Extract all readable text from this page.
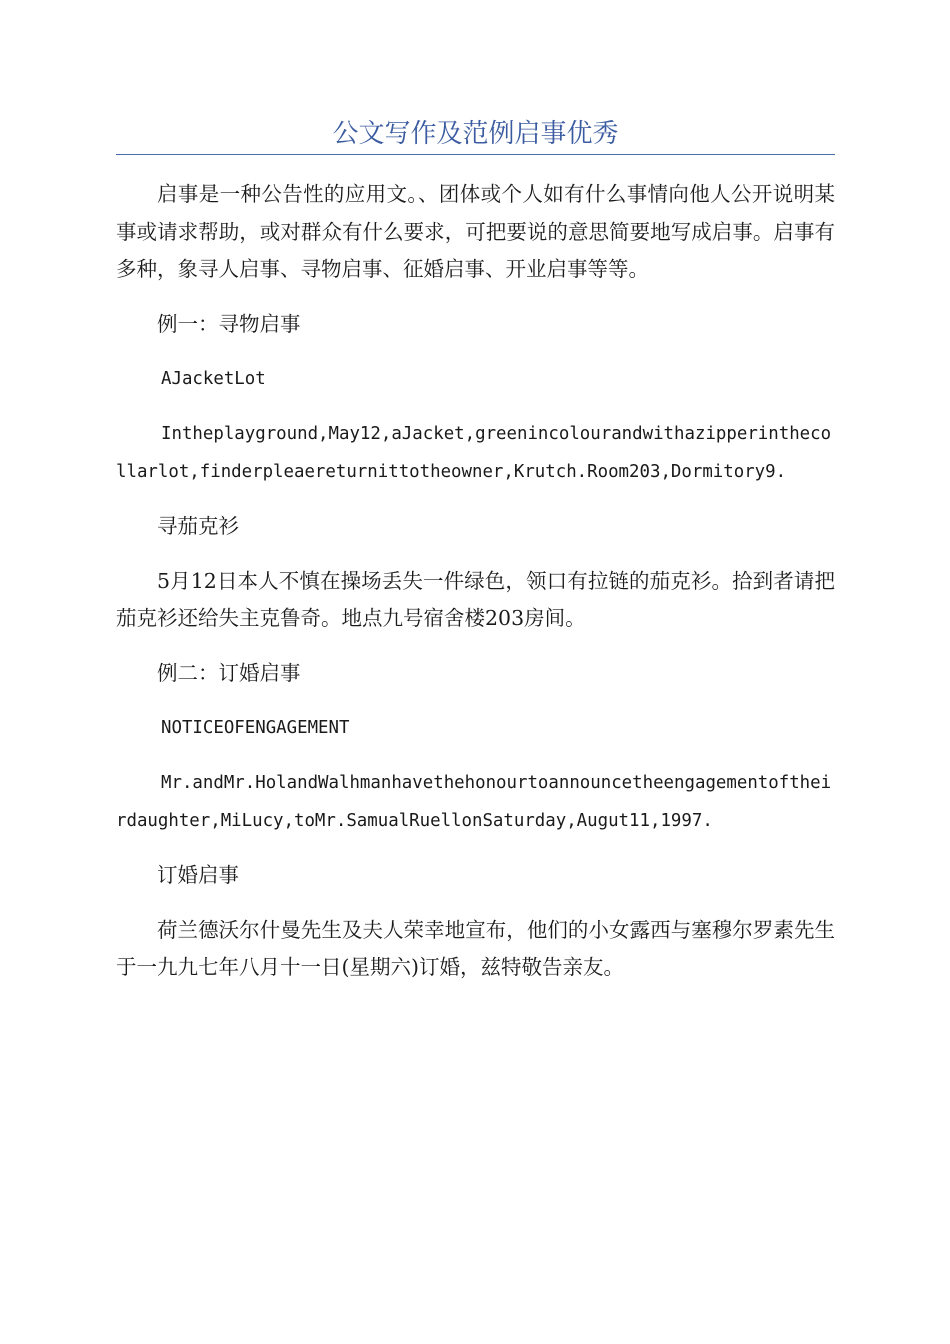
公文写作及范例启事优秀

启事是一种公告性的应用文。、团体或个人如有什么事情向他人公开说明某事或请求帮助，或对群众有什么要求，可把要说的意思简要地写成启事。启事有多种，象寻人启事、寻物启事、征婚启事、开业启事等等。

例一：寻物启事

AJacketLot

Intheplayground,May12,aJacket,greenincolourandwithazipperinthecollarlot,finderpleaereturnittotheowner,Krutch.Room203,Dormitory9.

寻茄克衫

5月12日本人不慎在操场丢失一件绿色，领口有拉链的茄克衫。拾到者请把茄克衫还给失主克鲁奇。地点九号宿舍楼203房间。

例二：订婚启事

NOTICEOFENGAGEMENT

Mr.andMr.HolandWalhmanhavethehonourtoannouncetheengagementoftheirdaughter,MiLucy,toMr.SamualRuellonSaturday,Augut11,1997.

订婚启事

荷兰德沃尔什曼先生及夫人荣幸地宣布，他们的小女露西与塞穆尔罗素先生于一九九七年八月十一日(星期六)订婚，兹特敬告亲友。
